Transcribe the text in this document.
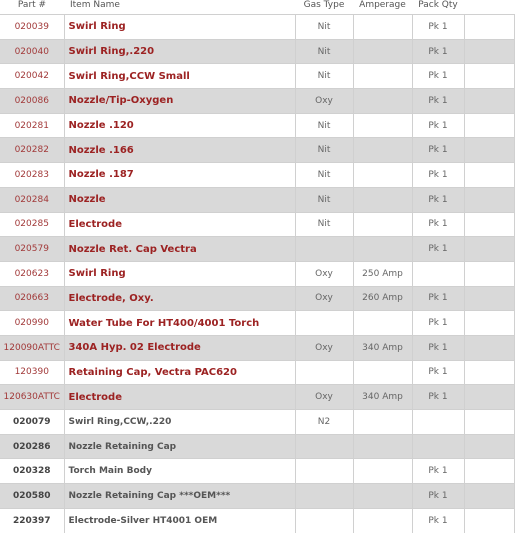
Part #	Item Name	Gas Type	Amperage	Pack Qty	
020039	Swirl Ring	Nit		Pk 1	
020040	Swirl Ring,.220	Nit		Pk 1	
020042	Swirl Ring,CCW Small	Nit		Pk 1	
020086	Nozzle/Tip-Oxygen	Oxy		Pk 1	
020281	Nozzle .120	Nit		Pk 1	
020282	Nozzle .166	Nit		Pk 1	
020283	Nozzle .187	Nit		Pk 1	
020284	Nozzle	Nit		Pk 1	
020285	Electrode	Nit		Pk 1	
020579	Nozzle Ret. Cap Vectra			Pk 1	
020623	Swirl Ring	Oxy	250 Amp		
020663	Electrode, Oxy.	Oxy	260 Amp	Pk 1	
020990	Water Tube For HT400/4001 Torch			Pk 1	
120090ATTC	340A Hyp. 02 Electrode	Oxy	340 Amp	Pk 1	
120390	Retaining Cap, Vectra PAC620			Pk 1	
120630ATTC	Electrode	Oxy	340 Amp	Pk 1	
020079	Swirl Ring,CCW,.220	N2			
020286	Nozzle Retaining Cap				
020328	Torch Main Body			Pk 1	
020580	Nozzle Retaining Cap ***OEM***			Pk 1	
220397	Electrode-Silver HT4001 OEM			Pk 1	
